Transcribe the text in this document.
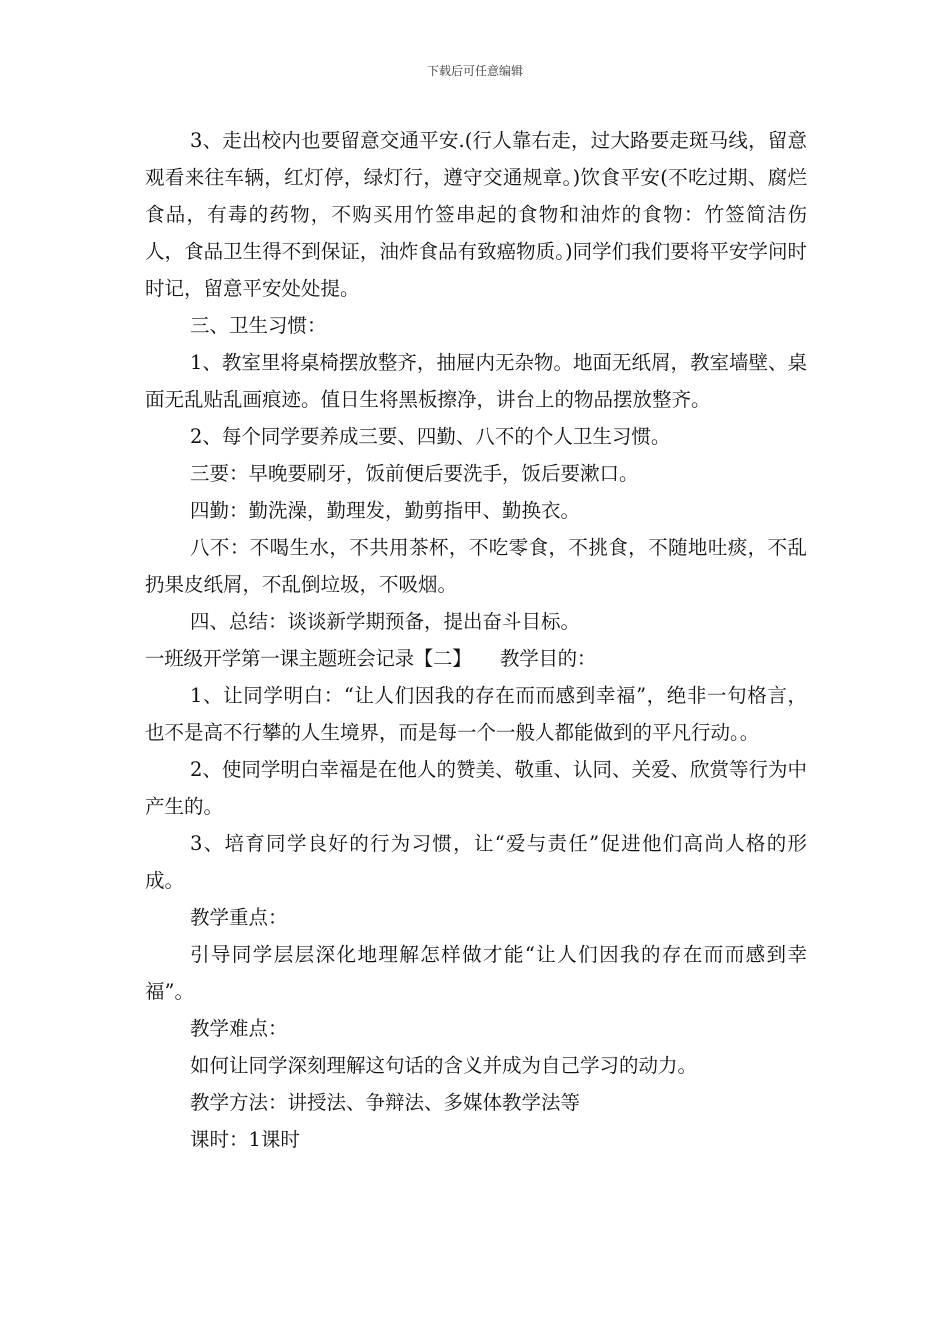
下载后可任意编辑

3、走出校内也要留意交通平安.(行人靠右走，过大路要走斑马线，留意观看来往车辆，红灯停，绿灯行，遵守交通规章。)饮食平安(不吃过期、腐烂食品，有毒的药物，不购买用竹签串起的食物和油炸的食物：竹签简洁伤人，食品卫生得不到保证，油炸食品有致癌物质。)同学们我们要将平安学问时时记，留意平安处处提。

三、卫生习惯：

1、教室里将桌椅摆放整齐，抽屉内无杂物。地面无纸屑，教室墙壁、桌面无乱贴乱画痕迹。值日生将黑板擦净，讲台上的物品摆放整齐。

2、每个同学要养成三要、四勤、八不的个人卫生习惯。

三要：早晚要刷牙，饭前便后要洗手，饭后要漱口。

四勤：勤洗澡，勤理发，勤剪指甲、勤换衣。

八不：不喝生水，不共用茶杯，不吃零食，不挑食，不随地吐痰，不乱扔果皮纸屑，不乱倒垃圾，不吸烟。

四、总结：谈谈新学期预备，提出奋斗目标。

一班级开学第一课主题班会记录【二】　　教学目的：

1、让同学明白：“让人们因我的存在而而感到幸福”，绝非一句格言，也不是高不行攀的人生境界，而是每一个一般人都能做到的平凡行动。。

2、使同学明白幸福是在他人的赞美、敬重、认同、关爱、欣赏等行为中产生的。

3、培育同学良好的行为习惯，让“爱与责任”促进他们高尚人格的形成。

教学重点：

引导同学层层深化地理解怎样做才能“让人们因我的存在而而感到幸福”。

教学难点：

如何让同学深刻理解这句话的含义并成为自己学习的动力。

教学方法：讲授法、争辩法、多媒体教学法等

课时：1课时
